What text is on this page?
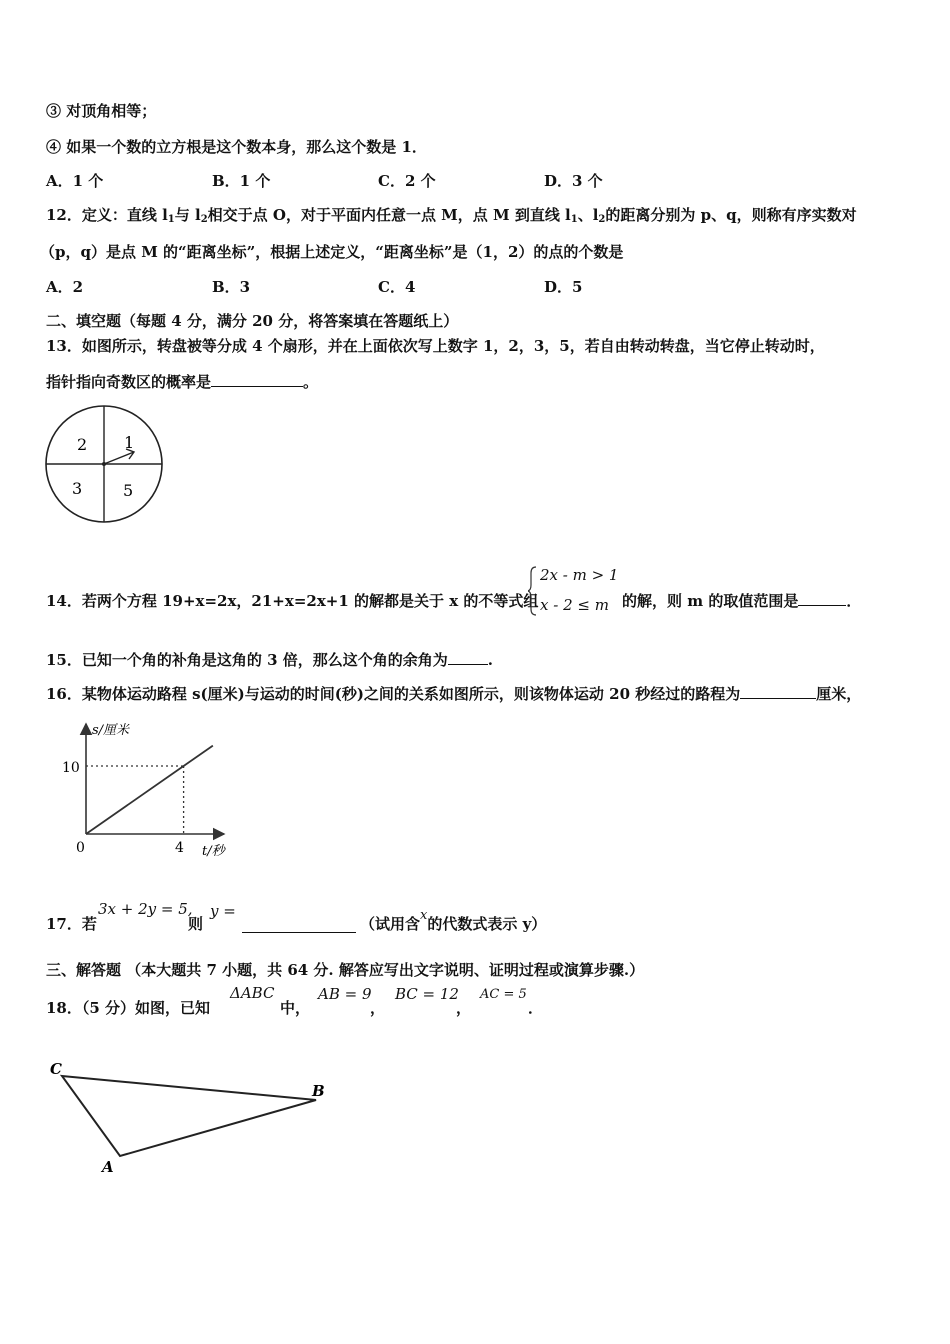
③ 对顶角相等；
④ 如果一个数的立方根是这个数本身，那么这个数是 1．
A．1 个	B．1 个	C．2 个	D．3 个
12．定义：直线 $l_1$与 $l_2$相交于点 O，对于平面内任意一点 M，点 M 到直线 $l_1$、$l_2$的距离分别为 p、q，则称有序实数对
（p，q）是点 M 的“距离坐标”，根据上述定义，“距离坐标”是（1，2）的点的个数是
A．2	B．3	C．4	D．5
二、填空题（每题 4 分，满分 20 分，将答案填在答题纸上）
13．如图所示，转盘被等分成 4 个扇形，并在上面依次写上数字 1，2，3，5，若自由转动转盘，当它停止转动时，
指针指向奇数区的概率是	。
2 1
3	5
14．若两个方程 19+x=2x，21+x=2x+1 的解都是关于 x 的不等式组
2x - m > 1
x - 2 ≤ m 的解，则 m 的取值范围是	．
15．已知一个角的补角是这角的 3 倍，那么这个角的余角为	.
16．某物体运动路程 s(厘米)与运动的时间(秒)之间的关系如图所示，则该物体运动 20 秒经过的路程为	厘米，
s/厘米
t/秒
10
0	4
17．若
3x + 2y = 5,
则
y =
（试用含x的代数式表示 y）
三、解答题 （本大题共 7 小题，共 64 分. 解答应写出文字说明、证明过程或演算步骤.）
18．（5 分）如图，已知
ΔABC
中，
AB = 9
，
BC = 12
，
AC = 5
．
C
B
A
